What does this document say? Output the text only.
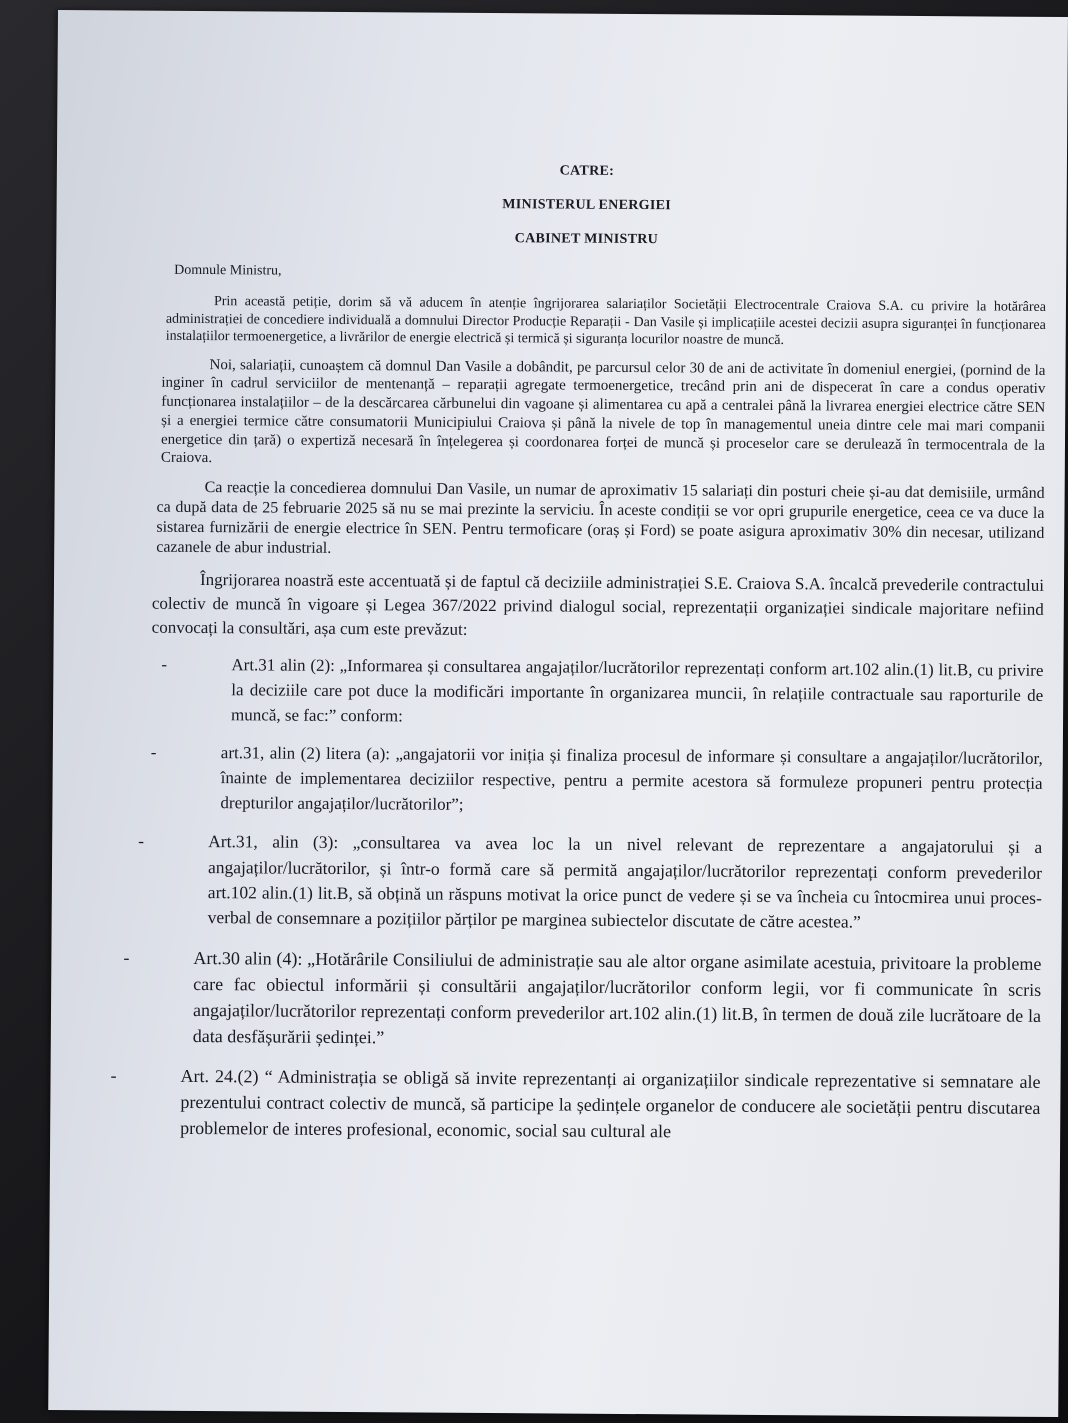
CATRE:
MINISTERUL ENERGIEI
CABINET MINISTRU
Domnule Ministru,

Prin această petiție, dorim să vă aducem în atenție îngrijorarea salariaților Societății Electrocentrale Craiova S.A. cu privire la hotărârea administrației de concediere individuală a domnului Director Producție Reparații - Dan Vasile și implicațiile acestei decizii asupra siguranței în funcționarea instalațiilor termoenergetice, a livrărilor de energie electrică și termică și siguranța locurilor noastre de muncă.

Noi, salariații, cunoaștem că domnul Dan Vasile a dobândit, pe parcursul celor 30 de ani de activitate în domeniul energiei, (pornind de la inginer în cadrul serviciilor de mentenanță – reparații agregate termoenergetice, trecând prin ani de dispecerat în care a condus operativ funcționarea instalațiilor – de la descărcarea cărbunelui din vagoane și alimentarea cu apă a centralei până la livrarea energiei electrice către SEN și a energiei termice către consumatorii Municipiului Craiova și până la nivele de top în managementul uneia dintre cele mai mari companii energetice din țară) o expertiză necesară în înțelegerea și coordonarea forței de muncă și proceselor care se derulează în termocentrala de la Craiova.

Ca reacție la concedierea domnului Dan Vasile, un numar de aproximativ 15 salariați din posturi cheie și-au dat demisiile, urmând ca după data de 25 februarie 2025 să nu se mai prezinte la serviciu. În aceste condiții se vor opri grupurile energetice, ceea ce va duce la sistarea furnizării de energie electrice în SEN. Pentru termoficare (oraș și Ford) se poate asigura aproximativ 30% din necesar, utilizand cazanele de abur industrial.

Îngrijorarea noastră este accentuată și de faptul că deciziile administrației S.E. Craiova S.A. încalcă prevederile contractului colectiv de muncă în vigoare și Legea 367/2022 privind dialogul social, reprezentații organizației sindicale majoritare nefiind convocați la consultări, așa cum este prevăzut:

-	Art.31 alin (2): „Informarea și consultarea angajaților/lucrătorilor reprezentați conform art.102 alin.(1) lit.B, cu privire la deciziile care pot duce la modificări importante în organizarea muncii, în relațiile contractuale sau raporturile de muncă, se fac:” conform:
-	art.31, alin (2) litera (a): „angajatorii vor iniția și finaliza procesul de informare și consultare a angajaților/lucrătorilor, înainte de implementarea deciziilor respective, pentru a permite acestora să formuleze propuneri pentru protecția drepturilor angajaților/lucrătorilor”;
-	Art.31, alin (3): „consultarea va avea loc la un nivel relevant de reprezentare a angajatorului și a angajaților/lucrătorilor, și într-o formă care să permită angajaților/lucrătorilor reprezentați conform prevederilor art.102 alin.(1) lit.B, să obțină un răspuns motivat la orice punct de vedere și se va încheia cu întocmirea unui proces-verbal de consemnare a pozițiilor părților pe marginea subiectelor discutate de către acestea.”
-	Art.30 alin (4): „Hotărârile Consiliului de administrație sau ale altor organe asimilate acestuia, privitoare la probleme care fac obiectul informării și consultării angajaților/lucrătorilor conform legii, vor fi communicate în scris angajaților/lucrătorilor reprezentați conform prevederilor art.102 alin.(1) lit.B, în termen de două zile lucrătoare de la data desfășurării ședinței.”
-	Art. 24.(2) “ Administrația se obligă să invite reprezentanți ai organizațiilor sindicale reprezentative si semnatare ale prezentului contract colectiv de muncă, să participe la ședințele organelor de conducere ale societății pentru discutarea problemelor de interes profesional, economic, social sau cultural ale
